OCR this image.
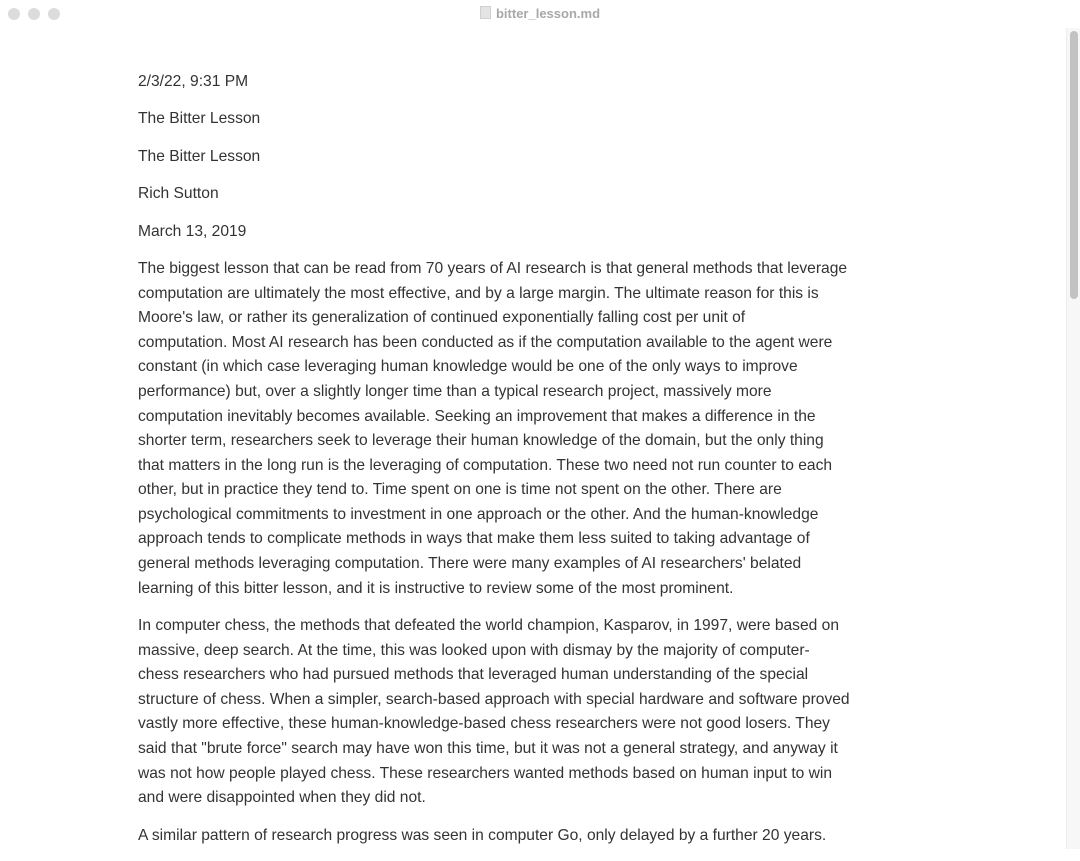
bitter_lesson.md

2/3/22, 9:31 PM

The Bitter Lesson

The Bitter Lesson

Rich Sutton

March 13, 2019

The biggest lesson that can be read from 70 years of AI research is that general methods that leverage
computation are ultimately the most effective, and by a large margin. The ultimate reason for this is
Moore's law, or rather its generalization of continued exponentially falling cost per unit of
computation. Most AI research has been conducted as if the computation available to the agent were
constant (in which case leveraging human knowledge would be one of the only ways to improve
performance) but, over a slightly longer time than a typical research project, massively more
computation inevitably becomes available. Seeking an improvement that makes a difference in the
shorter term, researchers seek to leverage their human knowledge of the domain, but the only thing
that matters in the long run is the leveraging of computation. These two need not run counter to each
other, but in practice they tend to. Time spent on one is time not spent on the other. There are
psychological commitments to investment in one approach or the other. And the human-knowledge
approach tends to complicate methods in ways that make them less suited to taking advantage of
general methods leveraging computation. There were many examples of AI researchers' belated
learning of this bitter lesson, and it is instructive to review some of the most prominent.

In computer chess, the methods that defeated the world champion, Kasparov, in 1997, were based on
massive, deep search. At the time, this was looked upon with dismay by the majority of computer-
chess researchers who had pursued methods that leveraged human understanding of the special
structure of chess. When a simpler, search-based approach with special hardware and software proved
vastly more effective, these human-knowledge-based chess researchers were not good losers. They
said that "brute force" search may have won this time, but it was not a general strategy, and anyway it
was not how people played chess. These researchers wanted methods based on human input to win
and were disappointed when they did not.

A similar pattern of research progress was seen in computer Go, only delayed by a further 20 years.
